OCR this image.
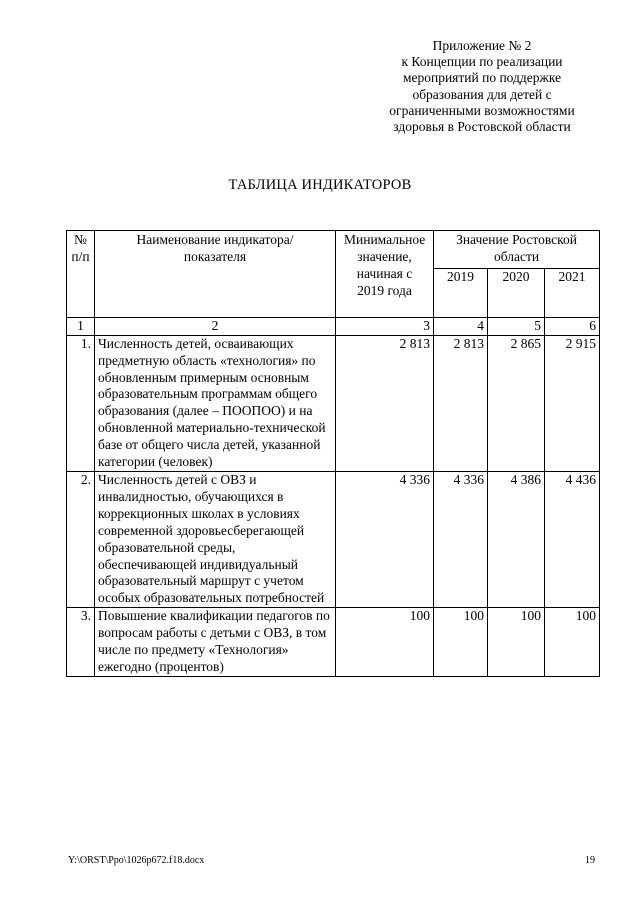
Приложение № 2
к Концепции по реализации
мероприятий по поддержке
образования для детей с
ограниченными возможностями
здоровья в Ростовской области
ТАБЛИЦА ИНДИКАТОРОВ
№ п/п	Наименование индикатора/ показателя	Минимальное значение, начиная с 2019 года	Значение Ростовской области		
			2019	2020	2021
1	2	3	4	5	6
1.	Численность детей, осваивающих предметную область «технология» по обновленным примерным основным образовательным программам общего образования (далее – ПООПОО) и на обновленной материально-технической базе от общего числа детей, указанной категории (человек)	2 813	2 813	2 865	2 915
2.	Численность детей с ОВЗ и инвалидностью, обучающихся в коррекционных школах в условиях современной здоровьесберегающей образовательной среды, обеспечивающей индивидуальный образовательный маршрут с учетом особых образовательных потребностей	4 336	4 336	4 386	4 436
3.	Повышение квалификации педагогов по вопросам работы с детьми с ОВЗ, в том числе по предмету «Технология» ежегодно (процентов)	100	100	100	100
Y:\ORST\Ppo\1026p672.f18.docx	19
